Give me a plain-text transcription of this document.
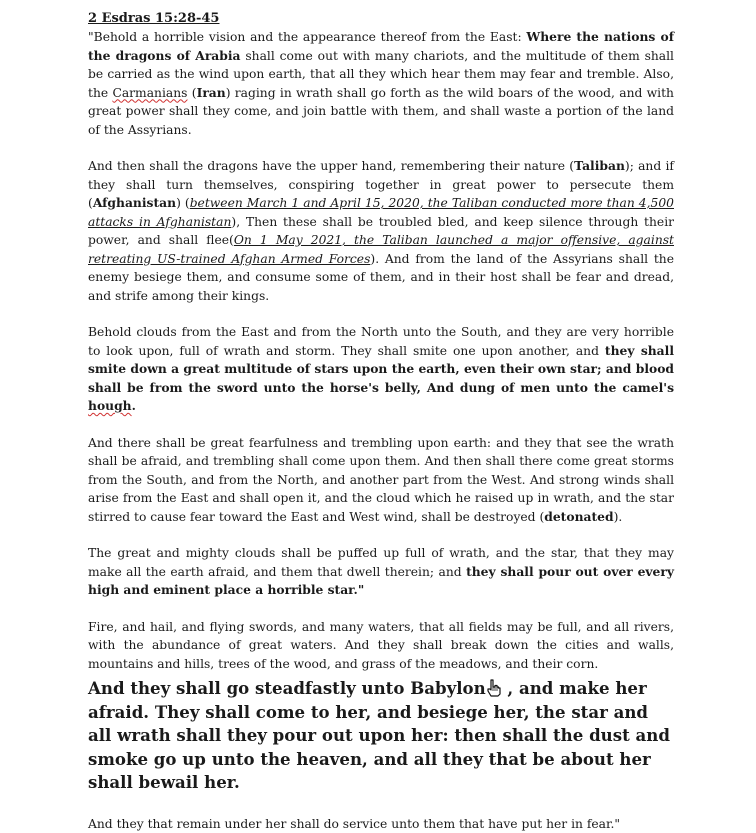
2 Esdras 15:28-45

"Behold a horrible vision and the appearance thereof from the East: Where the nations of the dragons of Arabia shall come out with many chariots, and the multitude of them shall be carried as the wind upon earth, that all they which hear them may fear and tremble. Also, the Carmanians (Iran) raging in wrath shall go forth as the wild boars of the wood, and with great power shall they come, and join battle with them, and shall waste a portion of the land of the Assyrians.

And then shall the dragons have the upper hand, remembering their nature (Taliban); and if they shall turn themselves, conspiring together in great power to persecute them (Afghanistan) (between March 1 and April 15, 2020, the Taliban conducted more than 4,500 attacks in Afghanistan), Then these shall be troubled bled, and keep silence through their power, and shall flee(On 1 May 2021, the Taliban launched a major offensive, against retreating US-trained Afghan Armed Forces). And from the land of the Assyrians shall the enemy besiege them, and consume some of them, and in their host shall be fear and dread, and strife among their kings.

Behold clouds from the East and from the North unto the South, and they are very horrible to look upon, full of wrath and storm. They shall smite one upon another, and they shall smite down a great multitude of stars upon the earth, even their own star; and blood shall be from the sword unto the horse's belly, And dung of men unto the camel's hough.

And there shall be great fearfulness and trembling upon earth: and they that see the wrath shall be afraid, and trembling shall come upon them. And then shall there come great storms from the South, and from the North, and another part from the West. And strong winds shall arise from the East and shall open it, and the cloud which he raised up in wrath, and the star stirred to cause fear toward the East and West wind, shall be destroyed (detonated).

The great and mighty clouds shall be puffed up full of wrath, and the star, that they may make all the earth afraid, and them that dwell therein; and they shall pour out over every high and eminent place a horrible star."

Fire, and hail, and flying swords, and many waters, that all fields may be full, and all rivers, with the abundance of great waters. And they shall break down the cities and walls, mountains and hills, trees of the wood, and grass of the meadows, and their corn.

And they shall go steadfastly unto Babylon , and make her afraid. They shall come to her, and besiege her, the star and all wrath shall they pour out upon her: then shall the dust and smoke go up unto the heaven, and all they that be about her shall bewail her.

And they that remain under her shall do service unto them that have put her in fear."
